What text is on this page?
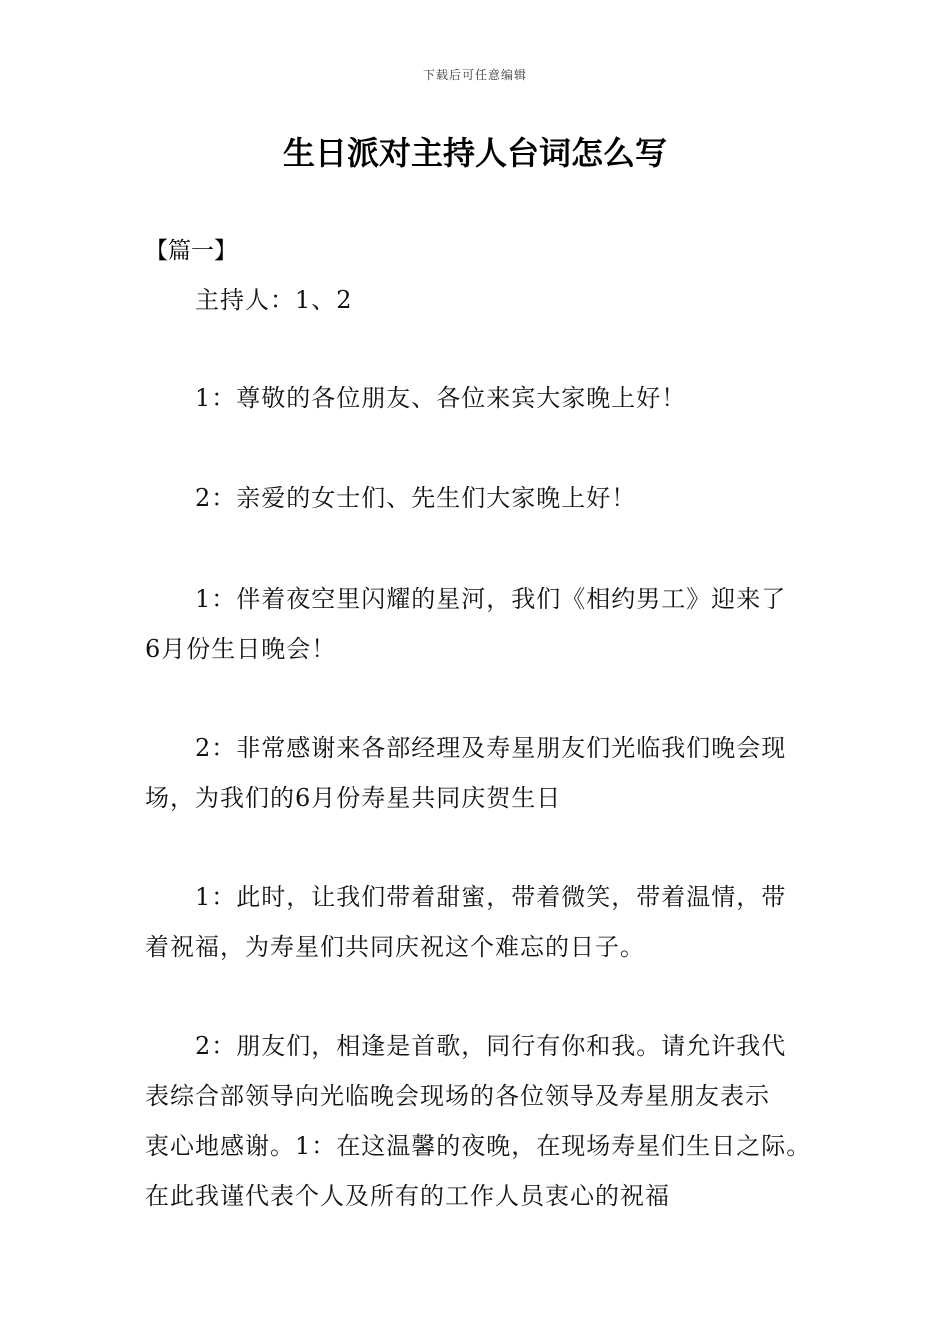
下载后可任意编辑
生日派对主持人台词怎么写
【篇一】
主持人：1、2
1：尊敬的各位朋友、各位来宾大家晚上好！
2：亲爱的女士们、先生们大家晚上好！
1：伴着夜空里闪耀的星河，我们《相约男工》迎来了
6月份生日晚会！
2：非常感谢来各部经理及寿星朋友们光临我们晚会现
场，为我们的6月份寿星共同庆贺生日
1：此时，让我们带着甜蜜，带着微笑，带着温情，带
着祝福，为寿星们共同庆祝这个难忘的日子。
2：朋友们，相逢是首歌，同行有你和我。请允许我代
表综合部领导向光临晚会现场的各位领导及寿星朋友表示
衷心地感谢。1：在这温馨的夜晚，在现场寿星们生日之际。
在此我谨代表个人及所有的工作人员衷心的祝福
